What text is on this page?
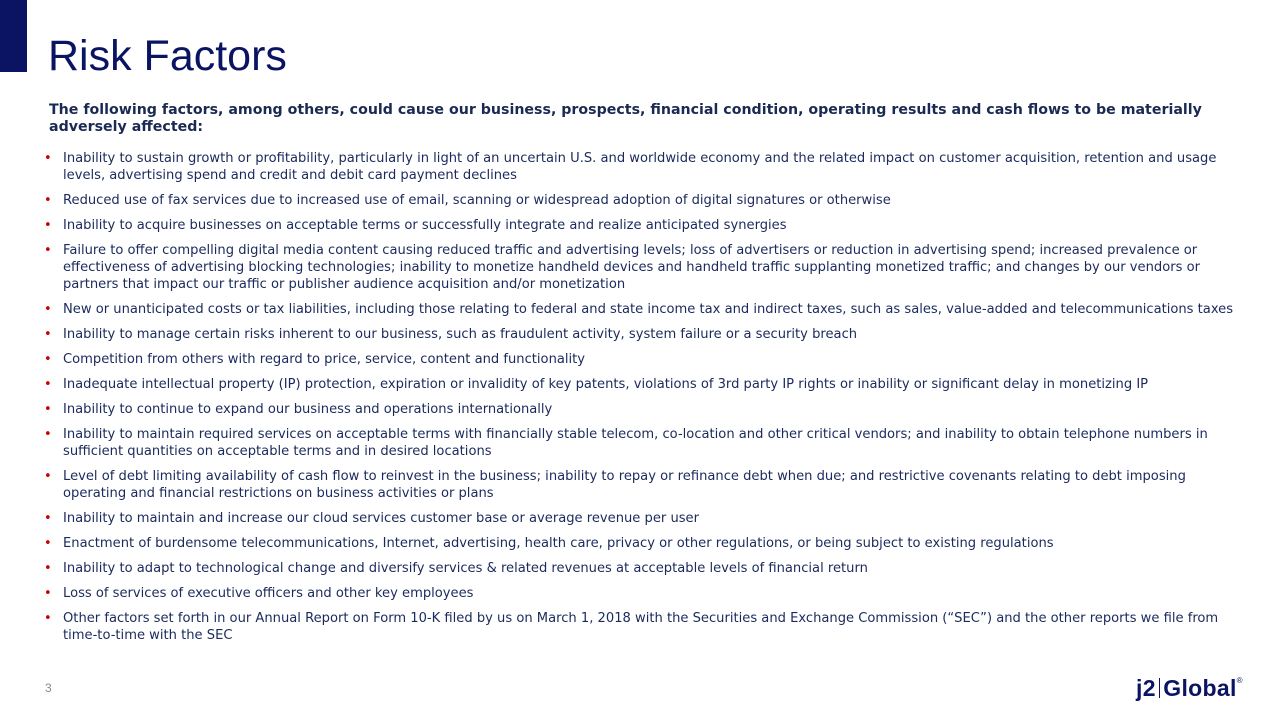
Risk Factors

The following factors, among others, could cause our business, prospects, financial condition, operating results and cash flows to be materially adversely affected:

• Inability to sustain growth or profitability, particularly in light of an uncertain U.S. and worldwide economy and the related impact on customer acquisition, retention and usage levels, advertising spend and credit and debit card payment declines
• Reduced use of fax services due to increased use of email, scanning or widespread adoption of digital signatures or otherwise
• Inability to acquire businesses on acceptable terms or successfully integrate and realize anticipated synergies
• Failure to offer compelling digital media content causing reduced traffic and advertising levels; loss of advertisers or reduction in advertising spend; increased prevalence or effectiveness of advertising blocking technologies; inability to monetize handheld devices and handheld traffic supplanting monetized traffic; and changes by our vendors or partners that impact our traffic or publisher audience acquisition and/or monetization
• New or unanticipated costs or tax liabilities, including those relating to federal and state income tax and indirect taxes, such as sales, value-added and telecommunications taxes
• Inability to manage certain risks inherent to our business, such as fraudulent activity, system failure or a security breach
• Competition from others with regard to price, service, content and functionality
• Inadequate intellectual property (IP) protection, expiration or invalidity of key patents, violations of 3rd party IP rights or inability or significant delay in monetizing IP
• Inability to continue to expand our business and operations internationally
• Inability to maintain required services on acceptable terms with financially stable telecom, co-location and other critical vendors; and inability to obtain telephone numbers in sufficient quantities on acceptable terms and in desired locations
• Level of debt limiting availability of cash flow to reinvest in the business; inability to repay or refinance debt when due; and restrictive covenants relating to debt imposing operating and financial restrictions on business activities or plans
• Inability to maintain and increase our cloud services customer base or average revenue per user
• Enactment of burdensome telecommunications, Internet, advertising, health care, privacy or other regulations, or being subject to existing regulations
• Inability to adapt to technological change and diversify services & related revenues at acceptable levels of financial return
• Loss of services of executive officers and other key employees
• Other factors set forth in our Annual Report on Form 10-K filed by us on March 1, 2018 with the Securities and Exchange Commission (“SEC”) and the other reports we file from time-to-time with the SEC
3	j2 Global ®
